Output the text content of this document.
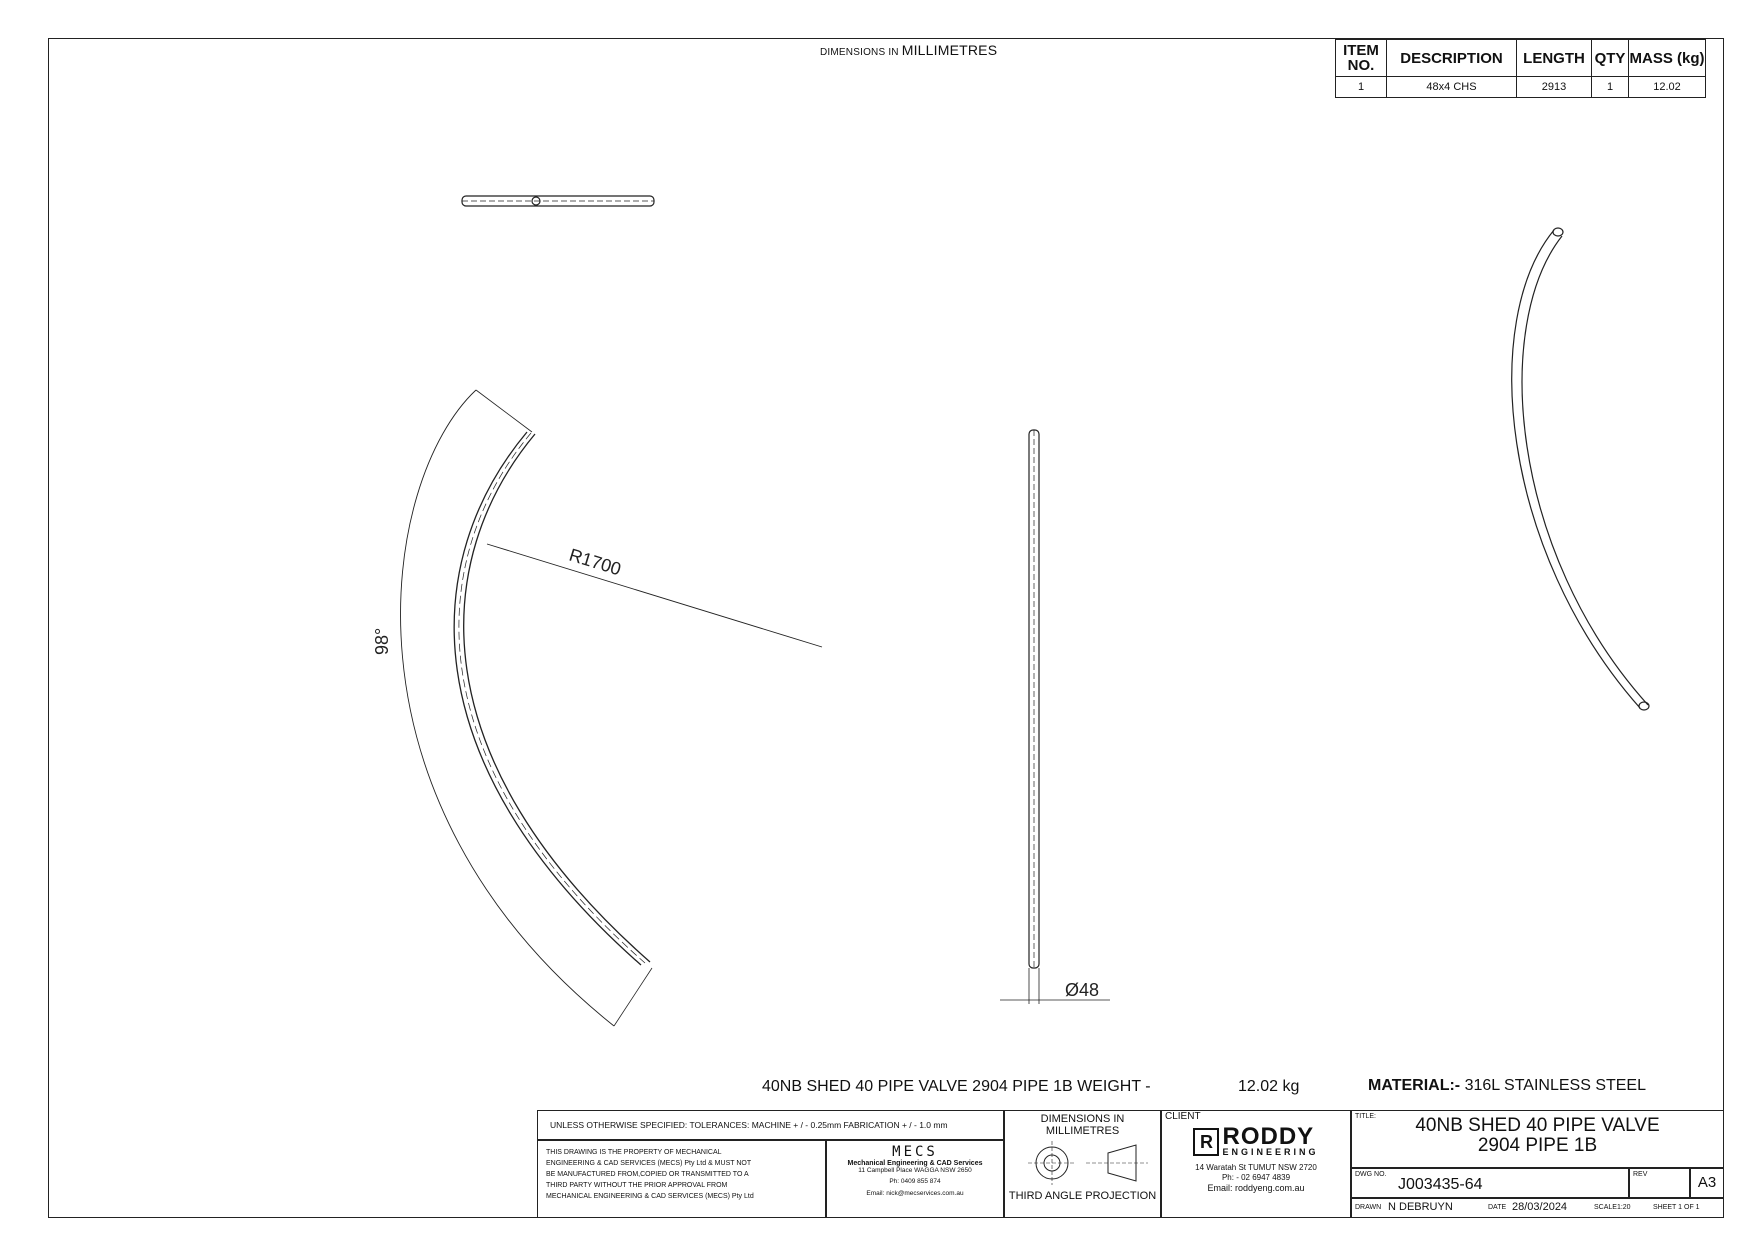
DIMENSIONS IN MILLIMETRES	ITEM NO.	DESCRIPTION	LENGTH	QTY	MASS (kg)
1	48x4 CHS	2913	1	12.02
R1700
98°
Ø48
40NB SHED 40 PIPE VALVE 2904 PIPE 1B WEIGHT -	12.02 kg	MATERIAL:- 316L STAINLESS STEEL
UNLESS OTHERWISE SPECIFIED: TOLERANCES: MACHINE + / - 0.25mm FABRICATION + / - 1.0 mm
THIS DRAWING IS THE PROPERTY OF MECHANICAL
ENGINEERING & CAD SERVICES (MECS) Pty Ltd & MUST NOT
BE MANUFACTURED FROM,COPIED OR TRANSMITTED TO A
THIRD PARTY WITHOUT THE PRIOR APPROVAL FROM
MECHANICAL ENGINEERING & CAD SERVICES (MECS) Pty Ltd
MECS
Mechanical Engineering & CAD Services
11 Campbell Place WAGGA NSW 2650
Ph: 0409 855 874
Email: nick@mecservices.com.au
DIMENSIONS IN
MILLIMETRES
THIRD ANGLE PROJECTION
CLIENT
R RODDY
ENGINEERING
14 Waratah St TUMUT NSW 2720
Ph: - 02 6947 4839
Email: roddyeng.com.au
TITLE:	40NB SHED 40 PIPE VALVE
2904 PIPE 1B
DWG NO.
J003435-64
REV	A3
DRAWN N DEBRUYN	DATE 28/03/2024	SCALE1:20	SHEET 1 OF 1
